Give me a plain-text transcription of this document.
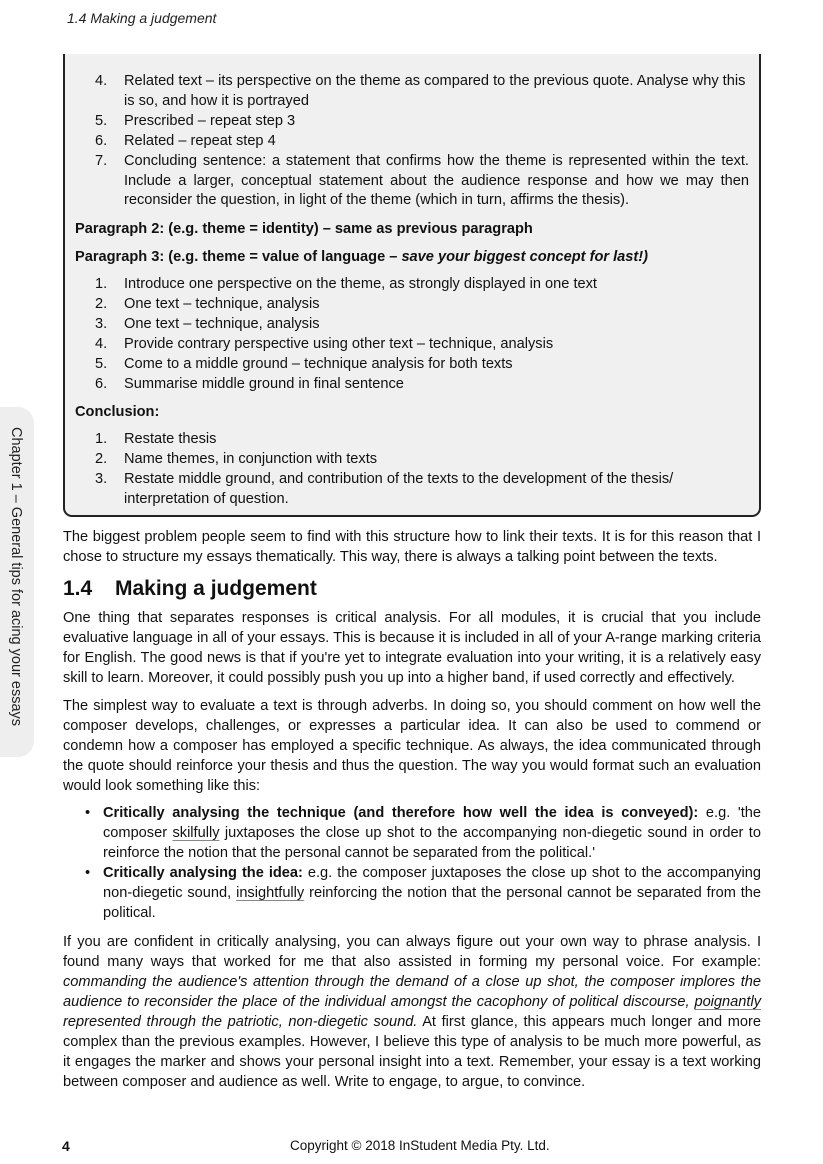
1.4 Making a judgement
4. Related text – its perspective on the theme as compared to the previous quote. Analyse why this is so, and how it is portrayed
5. Prescribed – repeat step 3
6. Related – repeat step 4
7. Concluding sentence: a statement that confirms how the theme is represented within the text. Include a larger, conceptual statement about the audience response and how we may then reconsider the question, in light of the theme (which in turn, affirms the thesis).
Paragraph 2: (e.g. theme = identity) – same as previous paragraph
Paragraph 3: (e.g. theme = value of language – save your biggest concept for last!)
1. Introduce one perspective on the theme, as strongly displayed in one text
2. One text – technique, analysis
3. One text – technique, analysis
4. Provide contrary perspective using other text – technique, analysis
5. Come to a middle ground – technique analysis for both texts
6. Summarise middle ground in final sentence
Conclusion:
1. Restate thesis
2. Name themes, in conjunction with texts
3. Restate middle ground, and contribution of the texts to the development of the thesis/ interpretation of question.
Chapter 1 – General tips for acing your essays	The biggest problem people seem to find with this structure how to link their texts. It is for this reason that I chose to structure my essays thematically. This way, there is always a talking point between the texts.

1.4 Making a judgement

One thing that separates responses is critical analysis. For all modules, it is crucial that you include evaluative language in all of your essays. This is because it is included in all of your A-range marking criteria for English. The good news is that if you're yet to integrate evaluation into your writing, it is a relatively easy skill to learn. Moreover, it could possibly push you up into a higher band, if used correctly and effectively.

The simplest way to evaluate a text is through adverbs. In doing so, you should comment on how well the composer develops, challenges, or expresses a particular idea. It can also be used to commend or condemn how a composer has employed a specific technique. As always, the idea communicated through the quote should reinforce your thesis and thus the question. The way you would format such an evaluation would look something like this:

• Critically analysing the technique (and therefore how well the idea is conveyed): e.g. 'the composer skilfully juxtaposes the close up shot to the accompanying non-diegetic sound in order to reinforce the notion that the personal cannot be separated from the political.'
• Critically analysing the idea: e.g. the composer juxtaposes the close up shot to the accompanying non-diegetic sound, insightfully reinforcing the notion that the personal cannot be separated from the political.

If you are confident in critically analysing, you can always figure out your own way to phrase analysis. I found many ways that worked for me that also assisted in forming my personal voice. For example: commanding the audience's attention through the demand of a close up shot, the composer implores the audience to reconsider the place of the individual amongst the cacophony of political discourse, poignantly represented through the patriotic, non-diegetic sound. At first glance, this appears much longer and more complex than the previous examples. However, I believe this type of analysis to be much more powerful, as it engages the marker and shows your personal insight into a text. Remember, your essay is a text working between composer and audience as well. Write to engage, to argue, to convince.

4	Copyright © 2018 InStudent Media Pty. Ltd.
